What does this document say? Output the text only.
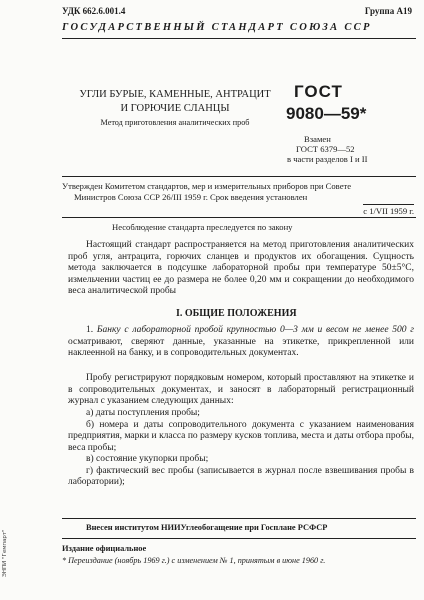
УДК 662.6.001.4	Группа А19
ГОСУДАРСТВЕННЫЙ СТАНДАРТ СОЮЗА ССР
УГЛИ БУРЫЕ, КАМЕННЫЕ, АНТРАЦИТ
И ГОРЮЧИЕ СЛАНЦЫ
Метод приготовления аналитических проб
ГОСТ
9080—59*
Взамен
ГОСТ 6379—52
в части разделов I и II
Утвержден Комитетом стандартов, мер и измерительных приборов при Совете
Министров Союза ССР 26/III 1959 г. Срок введения установлен
с 1/VII 1959 г.
Несоблюдение стандарта преследуется по закону
Настоящий стандарт распространяется на метод приготовления аналитических проб угля, антрацита, горючих сланцев и продуктов их обогащения. Сущность метода заключается в подсушке лабораторной пробы при температуре 50±5°C, измельчении частиц ее до размера не более 0,20 мм и сокращении до необходимого веса аналитической пробы
I. ОБЩИЕ ПОЛОЖЕНИЯ
1. Банку с лабораторной пробой крупностью 0—3 мм и весом не менее 500 г осматривают, сверяют данные, указанные на этикетке, прикрепленной или наклеенной на банку, и в сопроводительных документах.
Пробу регистрируют порядковым номером, который проставляют на этикетке и в сопроводительных документах, и заносят в лабораторный регистрационный журнал с указанием следующих данных:
а) даты поступления пробы;
б) номера и даты сопроводительного документа с указанием наименования предприятия, марки и класса по размеру кусков топлива, места и даты отбора пробы, веса пробы;
в) состояние укупорки пробы;
г) фактический вес пробы (записывается в журнал после взвешивания пробы в лаборатории);
Внесен институтом НИИУглеобогащение при Госплане РСФСР
Издание официальное
* Переиздание (ноябрь 1969 г.) с изменением № 1, принятым в июне 1960 г.
ЭНПИ "Гемпарт"
